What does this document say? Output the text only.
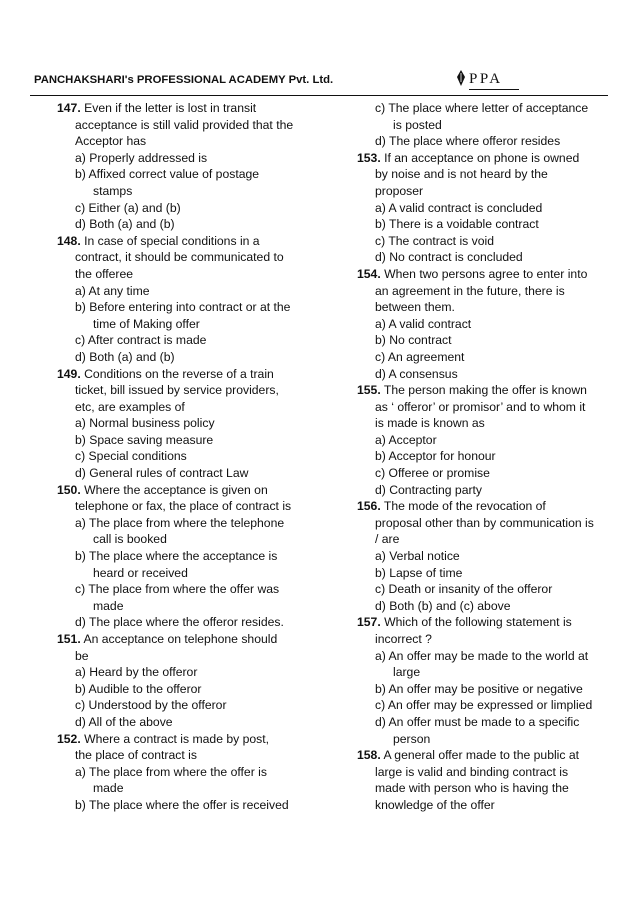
PANCHAKSHARI's PROFESSIONAL ACADEMY Pvt. Ltd.	PPA
147. Even if the letter is lost in transit
acceptance is still valid provided that the
Acceptor has
a) Properly addressed is
b) Affixed correct value of postage
stamps
c) Either (a) and (b)
d) Both (a) and (b)
148. In case of special conditions in a
contract, it should be communicated to
the offeree
a) At any time
b) Before entering into contract or at the
time of Making offer
c) After contract is made
d) Both (a) and (b)
149. Conditions on the reverse of a train
ticket, bill issued by service providers,
etc, are examples of
a) Normal business policy
b) Space saving measure
c) Special conditions
d) General rules of contract Law
150. Where the acceptance is given on
telephone or fax, the place of contract is
a) The place from where the telephone
call is booked
b) The place where the acceptance is
heard or received
c) The place from where the offer was
made
d) The place where the offeror resides.
151. An acceptance on telephone should
be
a) Heard by the offeror
b) Audible to the offeror
c) Understood by the offeror
d) All of the above
152. Where a contract is made by post,
the place of contract is
a) The place from where the offer is
made
b) The place where the offer is received
c) The place where letter of acceptance
is posted
d) The place where offeror resides
153. If an acceptance on phone is owned
by noise and is not heard by the
proposer
a) A valid contract is concluded
b) There is a voidable contract
c) The contract is void
d) No contract is concluded
154. When two persons agree to enter into
an agreement in the future, there is
between them.
a) A valid contract
b) No contract
c) An agreement
d) A consensus
155. The person making the offer is known
as ‘ offeror’ or promisor’ and to whom it
is made is known as
a) Acceptor
b) Acceptor for honour
c) Offeree or promise
d) Contracting party
156. The mode of the revocation of
proposal other than by communication is
/ are
a) Verbal notice
b) Lapse of time
c) Death or insanity of the offeror
d) Both (b) and (c) above
157. Which of the following statement is
incorrect ?
a) An offer may be made to the world at
large
b) An offer may be positive or negative
c) An offer may be expressed or limplied
d) An offer must be made to a specific
person
158. A general offer made to the public at
large is valid and binding contract is
made with person who is having the
knowledge of the offer
